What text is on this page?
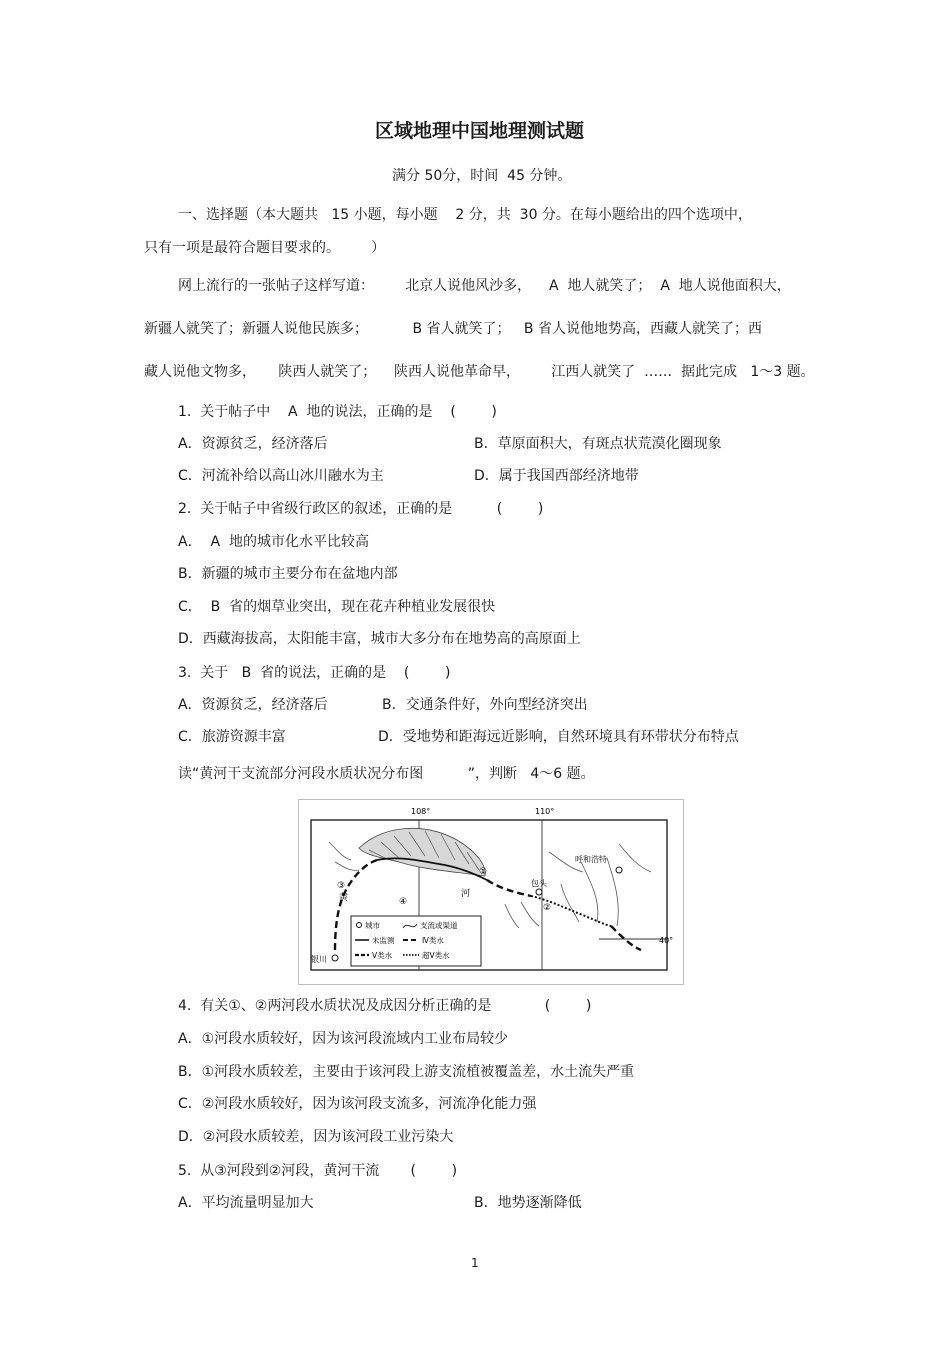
区域地理中国地理测试题
满分 50分，时间  45 分钟。
一、选择题（本大题共   15 小题，每小题    2 分，共  30 分。在每小题给出的四个选项中，
只有一项是最符合题目要求的。       ）
网上流行的一张帖子这样写道：       北京人说他风沙多，    A  地人就笑了；  A  地人说他面积大，
新疆人就笑了；新疆人说他民族多；          B 省人就笑了；   B 省人说他地势高，西藏人就笑了；西
藏人说他文物多，     陕西人就笑了；    陕西人说他革命早，       江西人就笑了  ……  据此完成   1～3 题。
1.  关于帖子中    A  地的说法，正确的是    (        )
A．资源贫乏，经济落后	B．草原面积大，有斑点状荒漠化圈现象
C．河流补给以高山冰川融水为主	D．属于我国西部经济地带
2.  关于帖子中省级行政区的叙述，正确的是          (        )
A．  A  地的城市化水平比较高
B．新疆的城市主要分布在盆地内部
C．  B  省的烟草业突出，现在花卉种植业发展很快
D．西藏海拔高，太阳能丰富，城市大多分布在地势高的高原面上
3.  关于   B  省的说法，正确的是    (        )
A．资源贫乏，经济落后	B．交通条件好，外向型经济突出
C．旅游资源丰富	D．受地势和距海远近影响，自然环境具有环带状分布特点
读“黄河干支流部分河段水质状况分布图          ”，判断   4～6 题。
108°	110°
40°
呼和浩特
包头
银川
黄	河
③
④
①
②
城市	支流或渠道
未监测	Ⅳ类水
Ⅴ类水	超Ⅴ类水
4.  有关①、②两河段水质状况及成因分析正确的是            (        )
A．①河段水质较好，因为该河段流域内工业布局较少
B．①河段水质较差，主要由于该河段上游支流植被覆盖差，水土流失严重
C．②河段水质较好，因为该河段支流多，河流净化能力强
D．②河段水质较差，因为该河段工业污染大
5.  从③河段到②河段，黄河干流       (        )
A．平均流量明显加大	B．地势逐渐降低
1
